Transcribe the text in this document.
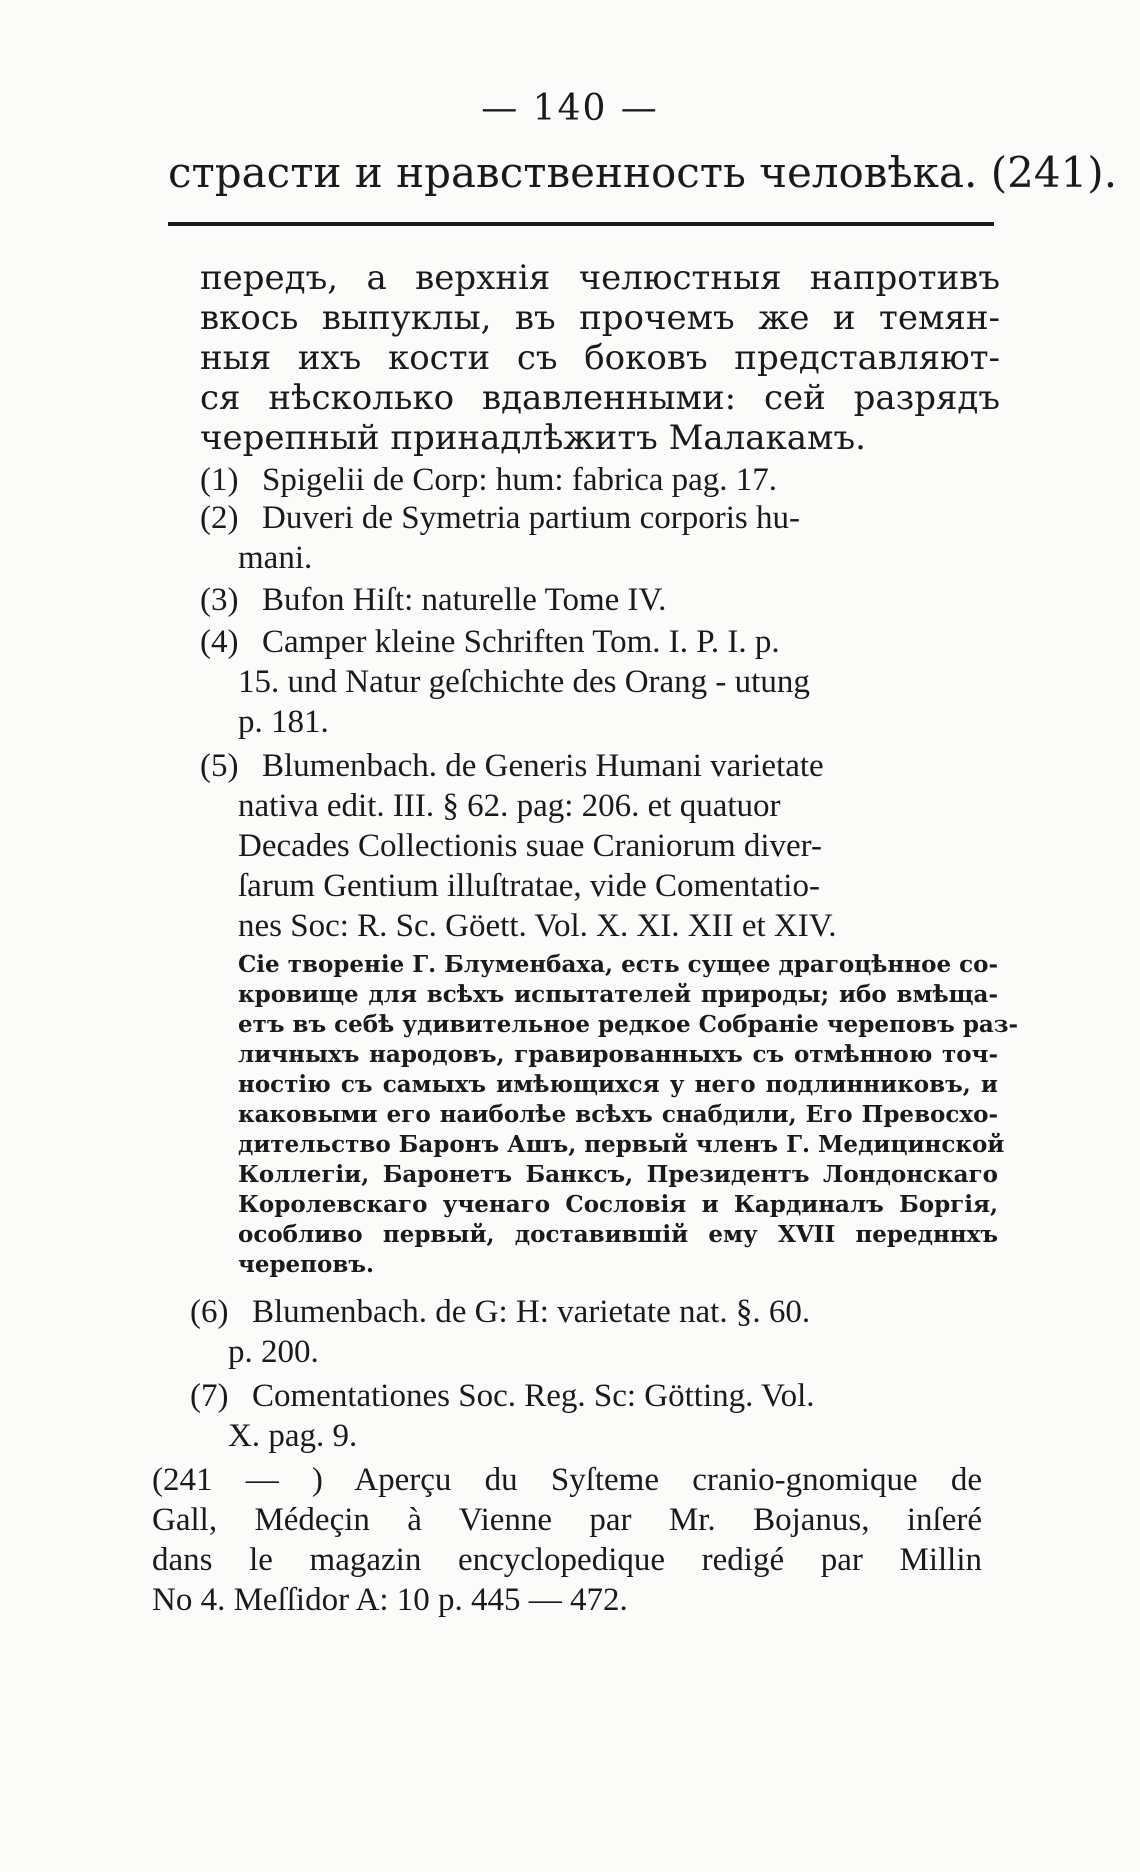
— 140 —
страсти и нравственность человѣка. (241).
передъ, а верхнія челюстныя напротивъ
вкось выпуклы, въ прочемъ же и темян-
ныя ихъ кости съ боковъ представляют-
ся нѣсколько вдавленными: сей разрядъ
черепный принадлѣжитъ Малакамъ.
(1) Spigelii de Corp: hum: fabrica pag. 17.
(2) Duveri de Symetria partium corporis hu-
mani.
(3) Bufon Hiſt: naturelle Tome IV.
(4) Camper kleine Schriften Tom. I. P. I. p.
15. und Natur geſchichte des Orang - utung
p. 181.
(5) Blumenbach. de Generis Humani varietate
nativa edit. III. § 62. pag: 206. et quatuor
Decades Collectionis suae Craniorum diver-
ſarum Gentium illuſtratae, vide Comentatio-
nes Soc: R. Sc. Göett. Vol. X. XI. XII et XIV.
Сіе твореніе Г. Блуменбаха, есть сущее драгоцѣнное со-
кровище для всѣхъ испытателей природы; ибо вмѣща-
етъ въ себѣ удивительное редкое Собраніе череповъ раз-
личныхъ народовъ, гравированныхъ съ отмѣнною точ-
ностію съ самыхъ имѣющихся у него подлинниковъ, и
каковыми его наиболѣе всѣхъ снабдили, Его Превосхо-
дительство Баронъ Ашъ, первый членъ Г. Медицинской
Коллегіи, Баронетъ Банксъ, Президентъ Лондонскаго
Королевскаго ученаго Сословія и Кардиналъ Боргія,
особливо первый, доставившій ему XVII передннхъ
череповъ.
(6) Blumenbach. de G: H: varietate nat. §. 60.
p. 200.
(7) Comentationes Soc. Reg. Sc: Götting. Vol.
X. pag. 9.
(241 — ) Aperçu du Syſteme cranio-gnomique de
Gall, Médeçin à Vienne par Mr. Bojanus, inſeré
dans le magazin encyclopedique redigé par Millin
No 4. Meſſidor A: 10 p. 445 — 472.
